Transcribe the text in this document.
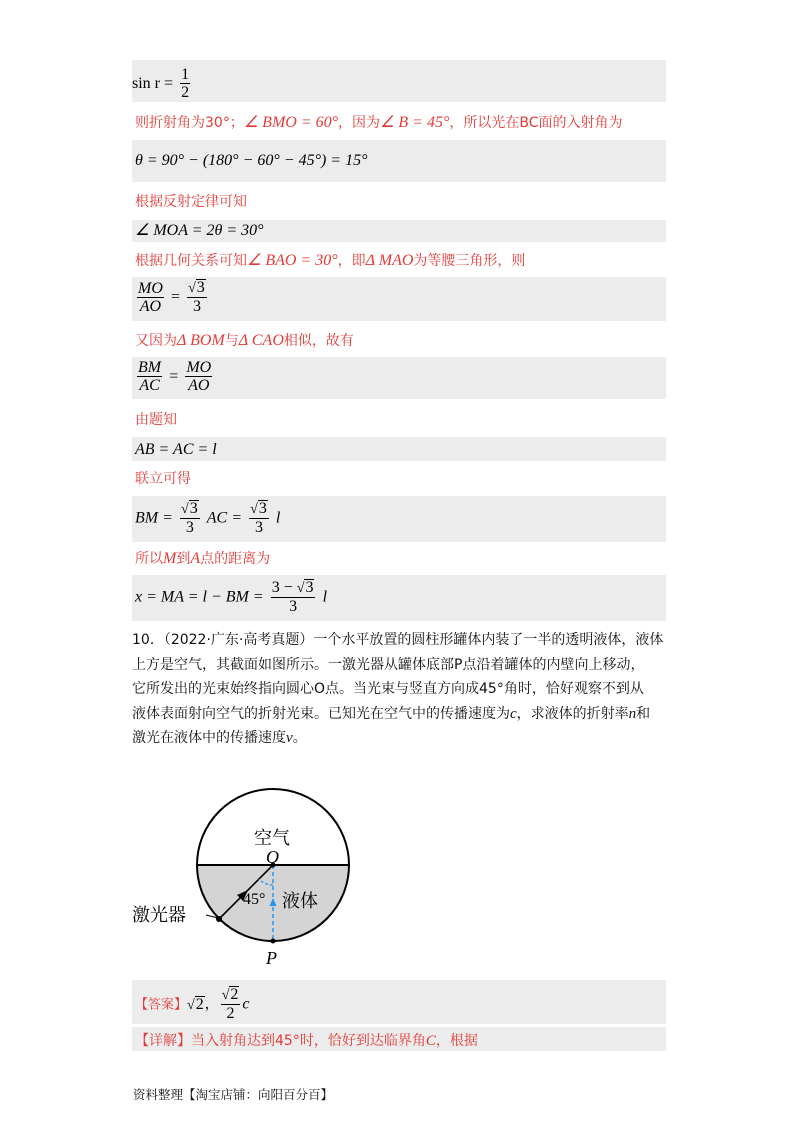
$\sin r = \frac{1}{2}$
则折射角为30°；∠ BMO = 60°，因为∠ B = 45°，所以光在BC面的入射角为
θ = 90° − (180° − 60° − 45°) = 15°
根据反射定律可知
∠ MOA = 2θ = 30°
根据几何关系可知∠ BAO = 30°，即Δ MAO为等腰三角形，则
$\frac{MO}{AO} = \frac{√3}{3}$
又因为Δ BOM与Δ CAO相似，故有
$\frac{BM}{AC} = \frac{MO}{AO}$
由题知
AB = AC = l
联立可得
BM = $\frac{√3}{3}$ AC = $\frac{√3}{3}$ l
所以M到A点的距离为
x = MA = l − BM = $\frac{3 - √3}{3}$ l
10．（2022·广东·高考真题）一个水平放置的圆柱形罐体内装了一半的透明液体，液体
上方是空气，其截面如图所示。一激光器从罐体底部P点沿着罐体的内壁向上移动，
它所发出的光束始终指向圆心O点。当光束与竖直方向成45°角时，恰好观察不到从
液体表面射向空气的折射光束。已知光在空气中的传播速度为c，求液体的折射率n和
激光在液体中的传播速度v。
空气
O
45° 液体
激光器
P
【答案】√2， $\frac{√2}{2}$ c
【详解】当入射角达到45°时，恰好到达临界角C，根据
资料整理【淘宝店铺：向阳百分百】
